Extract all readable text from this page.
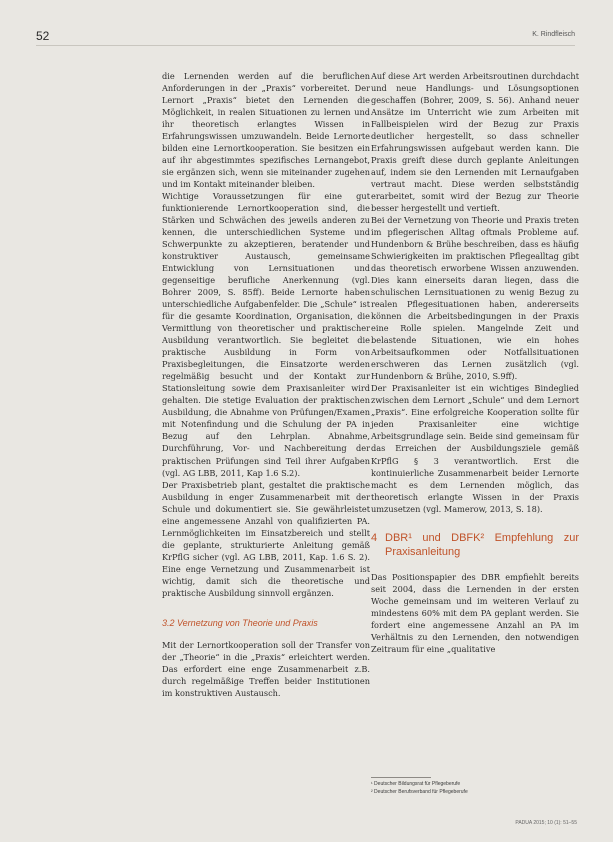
52	K. Rindfleisch

die Lernenden werden auf die beruflichen Anforderungen in der „Praxis“ vorbereitet. Der Lernort „Praxis“ bietet den Lernenden die Möglichkeit, in realen Situationen zu lernen und ihr theoretisch erlangtes Wissen in Erfahrungswissen umzuwandeln. Beide Lernorte bilden eine Lernortkooperation. Sie besitzen ein auf ihr abgestimmtes spezifisches Lernangebot, sie ergänzen sich, wenn sie miteinander zugehen und im Kontakt miteinander bleiben.

Wichtige Voraussetzungen für eine gut funktionierende Lernortkooperation sind, die Stärken und Schwächen des jeweils anderen zu kennen, die unterschiedlichen Systeme und Schwerpunkte zu akzeptieren, beratender und konstruktiver Austausch, gemeinsame Entwicklung von Lernsituationen und gegenseitige berufliche Anerkennung (vgl. Bohrer 2009, S. 85ff). Beide Lernorte haben unterschiedliche Aufgabenfelder. Die „Schule“ ist für die gesamte Koordination, Organisation, die Vermittlung von theoretischer und praktischer Ausbildung verantwortlich. Sie begleitet die praktische Ausbildung in Form von Praxisbegleitungen, die Einsatzorte werden regelmäßig besucht und der Kontakt zur Stationsleitung sowie dem Praxisanleiter wird gehalten. Die stetige Evaluation der praktischen Ausbildung, die Abnahme von Prüfungen/Examen mit Notenfindung und die Schulung der PA in Bezug auf den Lehrplan. Abnahme, Durchführung, Vor- und Nachbereitung der praktischen Prüfungen sind Teil ihrer Aufgaben (vgl. AG LBB, 2011, Kap 1.6 S.2).

Der Praxisbetrieb plant, gestaltet die praktische Ausbildung in enger Zusammenarbeit mit der Schule und dokumentiert sie. Sie gewährleistet eine angemessene Anzahl von qualifizierten PA. Lernmöglichkeiten im Einsatzbereich und stellt die geplante, strukturierte Anleitung gemäß KrPflG sicher (vgl. AG LBB, 2011, Kap. 1.6 S. 2). Eine enge Vernetzung und Zusammenarbeit ist wichtig, damit sich die theoretische und praktische Ausbildung sinnvoll ergänzen.

3.2 Vernetzung von Theorie und Praxis

Mit der Lernortkooperation soll der Transfer von der „Theorie“ in die „Praxis“ erleichtert werden. Das erfordert eine enge Zusammenarbeit z.B. durch regelmäßige Treffen beider Institutionen im konstruktiven Austausch.

Auf diese Art werden Arbeitsroutinen durchdacht und neue Handlungs- und Lösungsoptionen geschaffen (Bohrer, 2009, S. 56). Anhand neuer Ansätze im Unterricht wie zum Arbeiten mit Fallbeispielen wird der Bezug zur Praxis deutlicher hergestellt, so dass schneller Erfahrungswissen aufgebaut werden kann. Die Praxis greift diese durch geplante Anleitungen auf, indem sie den Lernenden mit Lernaufgaben vertraut macht. Diese werden selbstständig erarbeitet, somit wird der Bezug zur Theorie besser hergestellt und vertieft.

Bei der Vernetzung von Theorie und Praxis treten im pflegerischen Alltag oftmals Probleme auf. Hundenborn & Brühe beschreiben, dass es häufig Schwierigkeiten im praktischen Pflegealltag gibt das theoretisch erworbene Wissen anzuwenden. Dies kann einerseits daran liegen, dass die schulischen Lernsituationen zu wenig Bezug zu realen Pflegesituationen haben, andererseits können die Arbeitsbedingungen in der Praxis eine Rolle spielen. Mangelnde Zeit und belastende Situationen, wie ein hohes Arbeitsaufkommen oder Notfallsituationen erschweren das Lernen zusätzlich (vgl. Hundenborn & Brühe, 2010, S.9ff).

Der Praxisanleiter ist ein wichtiges Bindeglied zwischen dem Lernort „Schule“ und dem Lernort „Praxis“. Eine erfolgreiche Kooperation sollte für jeden Praxisanleiter eine wichtige Arbeitsgrundlage sein. Beide sind gemeinsam für das Erreichen der Ausbildungsziele gemäß KrPflG § 3 verantwortlich. Erst die kontinuierliche Zusammenarbeit beider Lernorte macht es dem Lernenden möglich, das theoretisch erlangte Wissen in der Praxis umzusetzen (vgl. Mamerow, 2013, S. 18).

4 DBR¹ und DBFK² Empfehlung zur Praxisanleitung

Das Positionspapier des DBR empfiehlt bereits seit 2004, dass die Lernenden in der ersten Woche gemeinsam und im weiteren Verlauf zu mindestens 60% mit dem PA geplant werden. Sie fordert eine angemessene Anzahl an PA im Verhältnis zu den Lernenden, den notwendigen Zeitraum für eine „qualitative

¹ Deutscher Bildungsrat für Pflegeberufe
² Deutscher Berufsverband für Pflegeberufe
PADUA 2015; 10 (1): 51–55
